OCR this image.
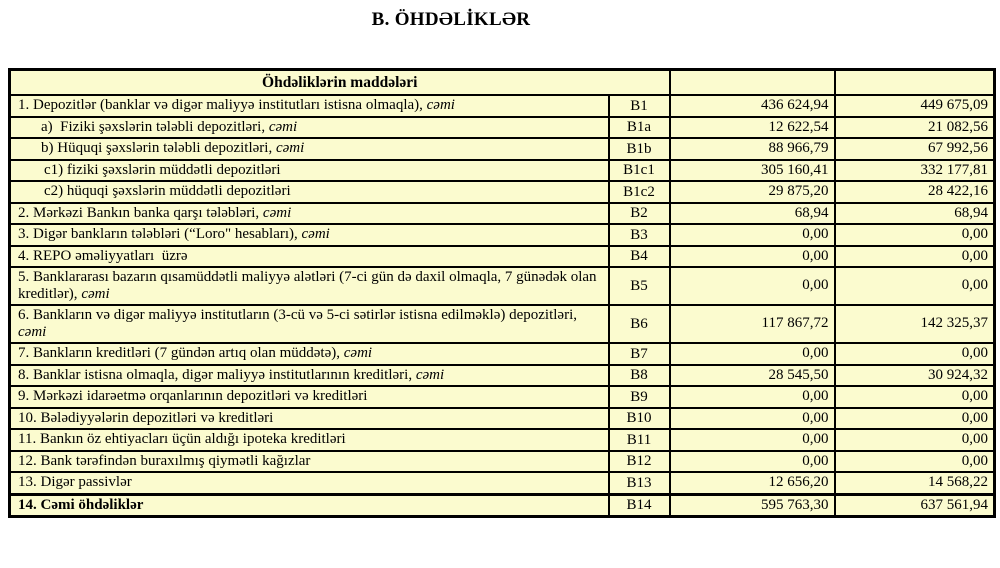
B. ÖHDƏLİKLƏR
Öhdəliklərin maddələri			
1. Depozitlər (banklar və digər maliyyə institutları istisna olmaqla), cəmi	B1	436 624,94	449 675,09
a)  Fiziki şəxslərin tələbli depozitləri, cəmi	B1a	12 622,54	21 082,56
b) Hüquqi şəxslərin tələbli depozitləri, cəmi	B1b	88 966,79	67 992,56
c1) fiziki şəxslərin müddətli depozitləri	B1c1	305 160,41	332 177,81
c2) hüquqi şəxslərin müddətli depozitləri	B1c2	29 875,20	28 422,16
2. Mərkəzi Bankın banka qarşı tələbləri, cəmi	B2	68,94	68,94
3. Digər bankların tələbləri (“Loro" hesabları), cəmi	B3	0,00	0,00
4. REPO əməliyyatları  üzrə	B4	0,00	0,00
5. Banklararası bazarın qısamüddətli maliyyə alətləri (7-ci gün də daxil olmaqla, 7 günədək olan kreditlər), cəmi	B5	0,00	0,00
6. Bankların və digər maliyyə institutların (3-cü və 5-ci sətirlər istisna edilməklə) depozitləri, cəmi	B6	117 867,72	142 325,37
7. Bankların kreditləri (7 gündən artıq olan müddətə), cəmi	B7	0,00	0,00
8. Banklar istisna olmaqla, digər maliyyə institutlarının kreditləri, cəmi	B8	28 545,50	30 924,32
9. Mərkəzi idarəetmə orqanlarının depozitləri və kreditləri	B9	0,00	0,00
10. Bələdiyyələrin depozitləri və kreditləri	B10	0,00	0,00
11. Bankın öz ehtiyacları üçün aldığı ipoteka kreditləri	B11	0,00	0,00
12. Bank tərəfindən buraxılmış qiymətli kağızlar	B12	0,00	0,00
13. Digər passivlər	B13	12 656,20	14 568,22
14. Cəmi öhdəliklər	B14	595 763,30	637 561,94
